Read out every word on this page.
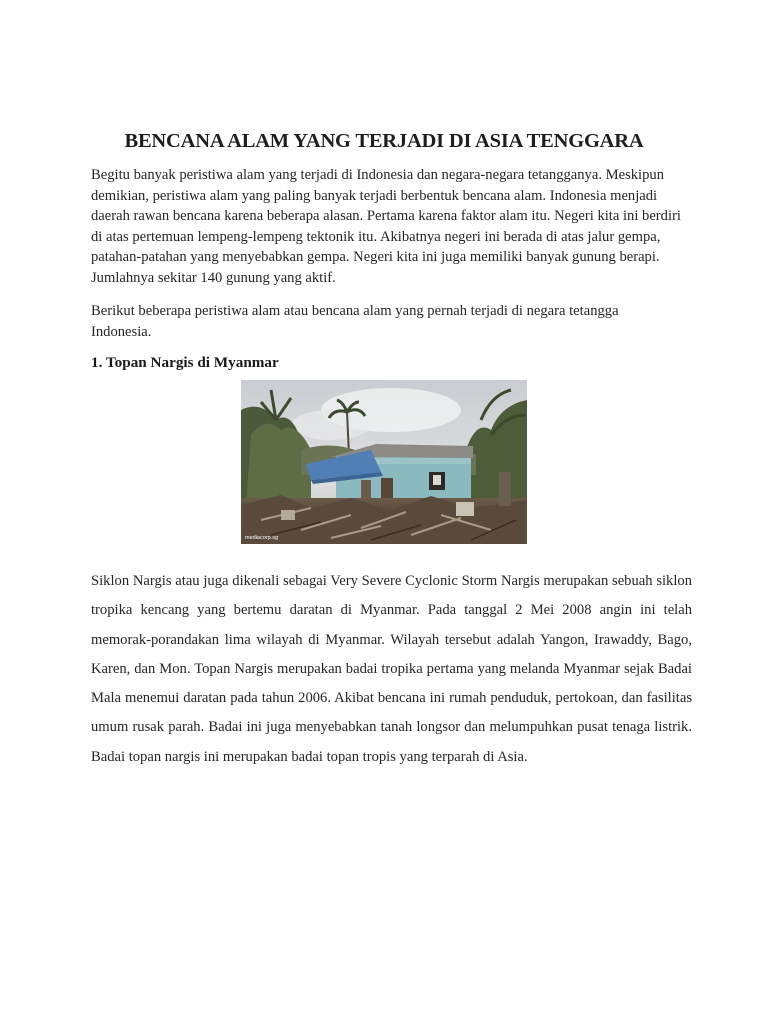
BENCANA ALAM YANG TERJADI DI ASIA TENGGARA

Begitu banyak peristiwa alam yang terjadi di Indonesia dan negara-negara tetangganya. Meskipun demikian, peristiwa alam yang paling banyak terjadi berbentuk bencana alam. Indonesia menjadi daerah rawan bencana karena beberapa alasan. Pertama karena faktor alam itu. Negeri kita ini berdiri di atas pertemuan lempeng-lempeng tektonik itu. Akibatnya negeri ini berada di atas jalur gempa, patahan-patahan yang menyebabkan gempa. Negeri kita ini juga memiliki banyak gunung berapi. Jumlahnya sekitar 140 gunung yang aktif.

Berikut beberapa peristiwa alam atau bencana alam yang pernah terjadi di negara tetangga Indonesia.

1. Topan Nargis di Myanmar
mediacorp.sg

Siklon Nargis atau juga dikenali sebagai Very Severe Cyclonic Storm Nargis merupakan sebuah siklon tropika kencang yang bertemu daratan di Myanmar. Pada tanggal 2 Mei 2008 angin ini telah memorak-porandakan lima wilayah di Myanmar. Wilayah tersebut adalah Yangon, Irawaddy, Bago, Karen, dan Mon. Topan Nargis merupakan badai tropika pertama yang melanda Myanmar sejak Badai Mala menemui daratan pada tahun 2006. Akibat bencana ini rumah penduduk, pertokoan, dan fasilitas umum rusak parah. Badai ini juga menyebabkan tanah longsor dan melumpuhkan pusat tenaga listrik. Badai topan nargis ini merupakan badai topan tropis yang terparah di Asia.
